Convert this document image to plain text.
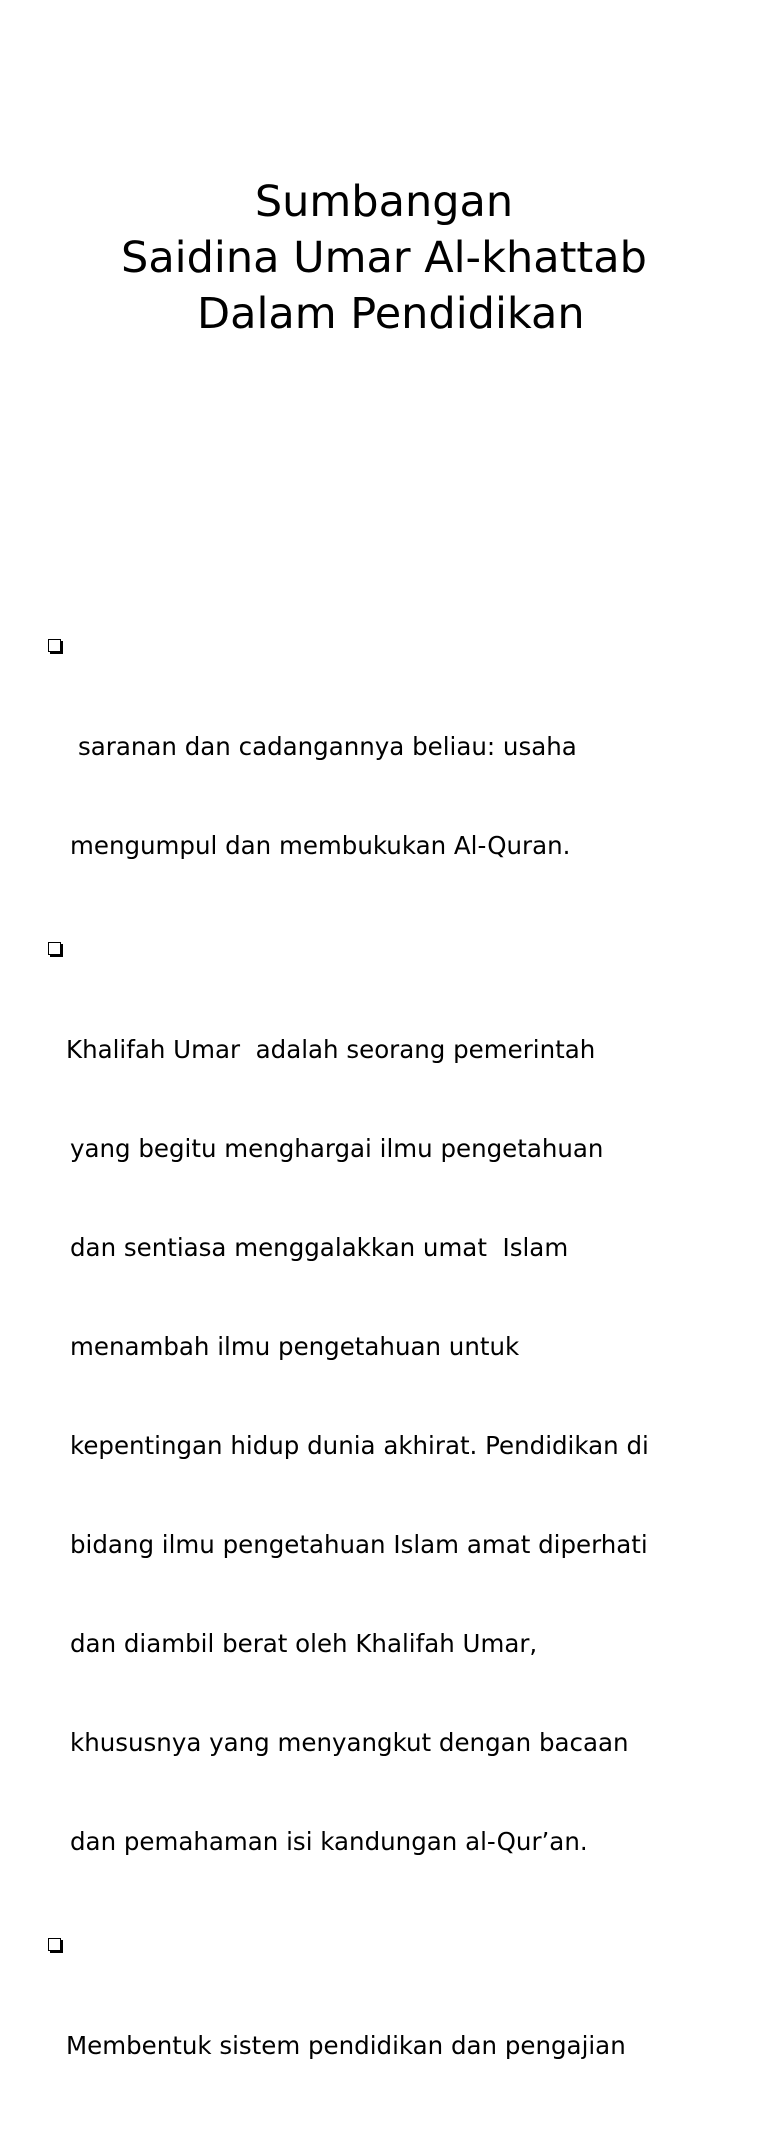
Sumbangan
Saidina Umar Al-khattab
Dalam Pendidikan

saranan dan cadangannya beliau: usaha

mengumpul dan membukukan Al-Quran.

Khalifah Umar  adalah seorang pemerintah

yang begitu menghargai ilmu pengetahuan

dan sentiasa menggalakkan umat  Islam

menambah ilmu pengetahuan untuk

kepentingan hidup dunia akhirat. Pendidikan di

bidang ilmu pengetahuan Islam amat diperhati

dan diambil berat oleh Khalifah Umar,

khususnya yang menyangkut dengan bacaan

dan pemahaman isi kandungan al-Qur’an.

Membentuk sistem pendidikan dan pengajian
